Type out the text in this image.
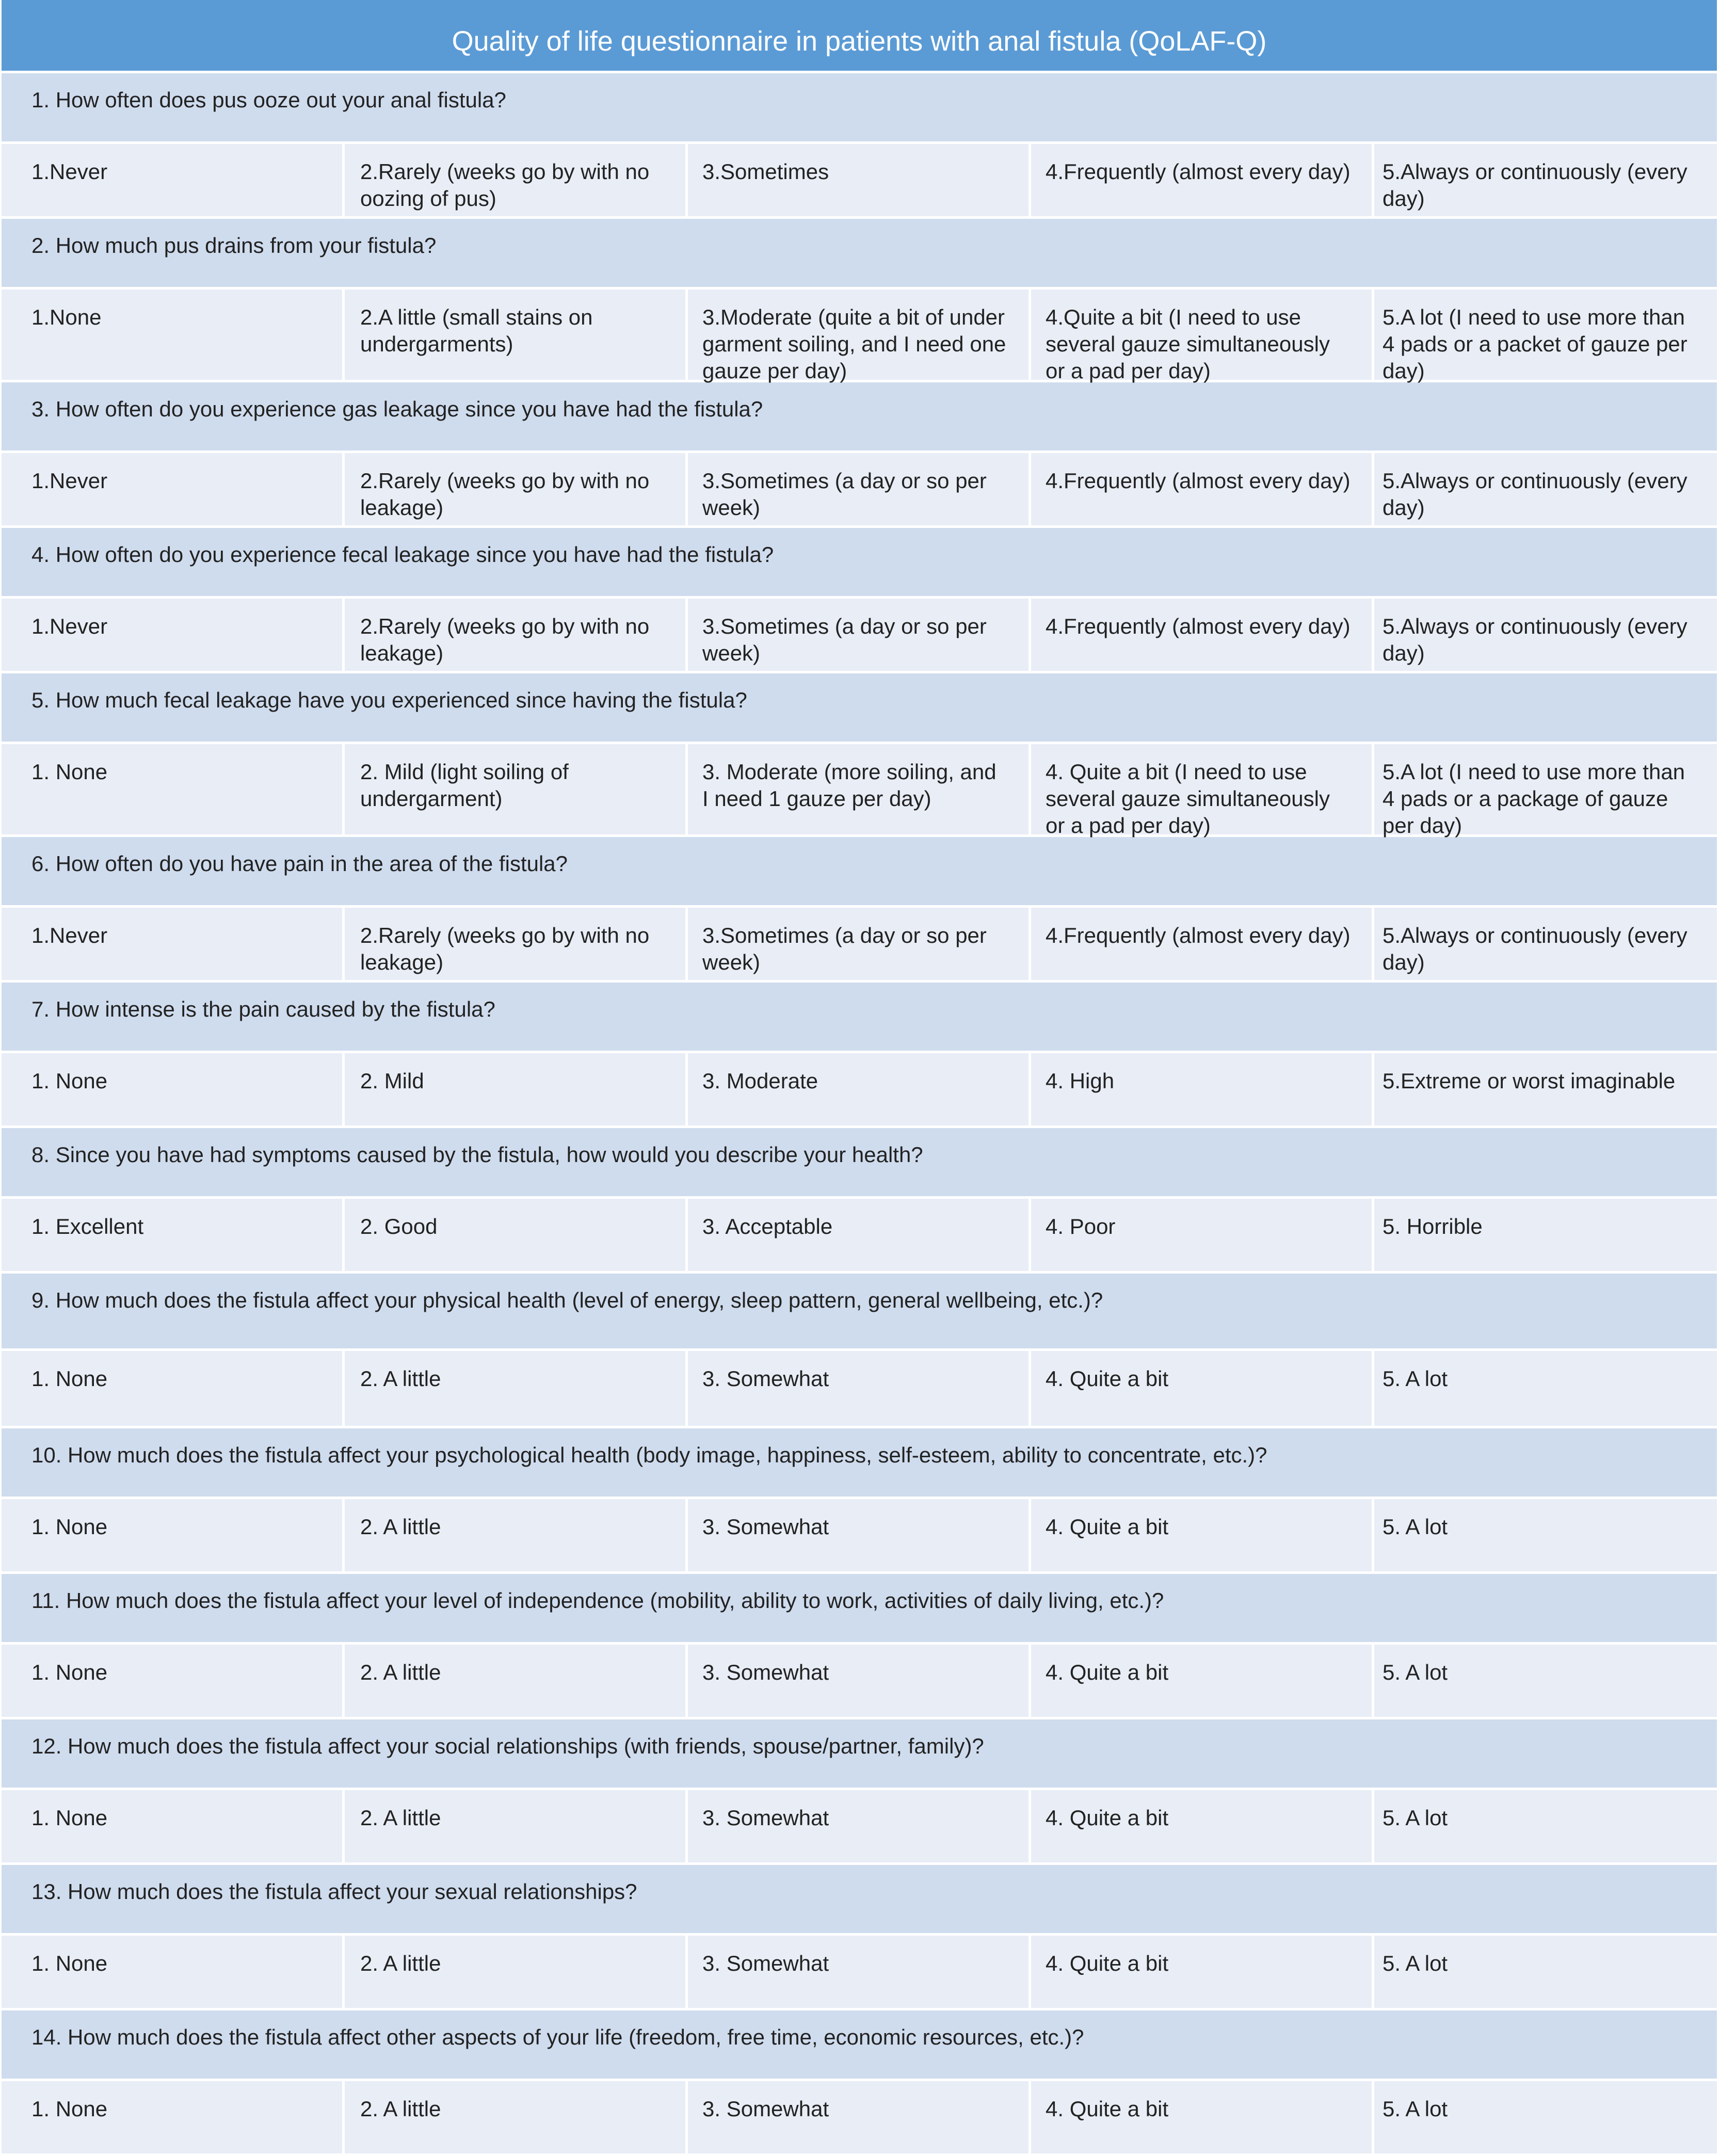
Quality of life questionnaire in patients with anal fistula (QoLAF-Q)
1. How often does pus ooze out your anal fistula?
1.Never	2.Rarely (weeks go by with no oozing of pus)
3.Sometimes	4.Frequently (almost every day)	5.Always or continuously (every day)
2. How much pus drains from your fistula?
1.None	2.A little (small stains on undergarments)
3.Moderate (quite a bit of under garment soiling, and I need one gauze per day)
4.Quite a bit (I need to use several gauze simultaneously or a pad per day)
5.A lot (I need to use more than 4 pads or a packet of gauze per day)
3. How often do you experience gas leakage since you have had the fistula?
1.Never	2.Rarely (weeks go by with no leakage)
3.Sometimes (a day or so per week)
4.Frequently (almost every day)	5.Always or continuously (every day)
4. How often do you experience fecal leakage since you have had the fistula?
1.Never	2.Rarely (weeks go by with no leakage)
3.Sometimes (a day or so per week)
4.Frequently (almost every day)	5.Always or continuously (every day)
5. How much fecal leakage have you experienced since having the fistula?
1. None	2. Mild (light soiling of undergarment)
3. Moderate (more soiling, and I need 1 gauze per day)
4. Quite a bit (I need to use several gauze simultaneously or a pad per day)
5.A lot (I need to use more than 4 pads or a package of gauze per day)
6. How often do you have pain in the area of the fistula?
1.Never	2.Rarely (weeks go by with no leakage)
3.Sometimes (a day or so per week)
4.Frequently (almost every day)	5.Always or continuously (every day)
7. How intense is the pain caused by the fistula?
1. None	2. Mild	3. Moderate	4. High	5.Extreme or worst imaginable
8. Since you have had symptoms caused by the fistula, how would you describe your health?
1. Excellent	2. Good	3. Acceptable	4. Poor	5. Horrible
9. How much does the fistula affect your physical health (level of energy, sleep pattern, general wellbeing, etc.)?
1. None	2. A little	3. Somewhat	4. Quite a bit	5. A lot
10. How much does the fistula affect your psychological health (body image, happiness, self-esteem, ability to concentrate, etc.)?
1. None	2. A little	3. Somewhat	4. Quite a bit	5. A lot
11. How much does the fistula affect your level of independence (mobility, ability to work, activities of daily living, etc.)?
1. None	2. A little	3. Somewhat	4. Quite a bit	5. A lot
12. How much does the fistula affect your social relationships (with friends, spouse/partner, family)?
1. None	2. A little	3. Somewhat	4. Quite a bit	5. A lot
13. How much does the fistula affect your sexual relationships?
1. None	2. A little	3. Somewhat	4. Quite a bit	5. A lot
14. How much does the fistula affect other aspects of your life (freedom, free time, economic resources, etc.)?
1. None	2. A little	3. Somewhat	4. Quite a bit	5. A lot
